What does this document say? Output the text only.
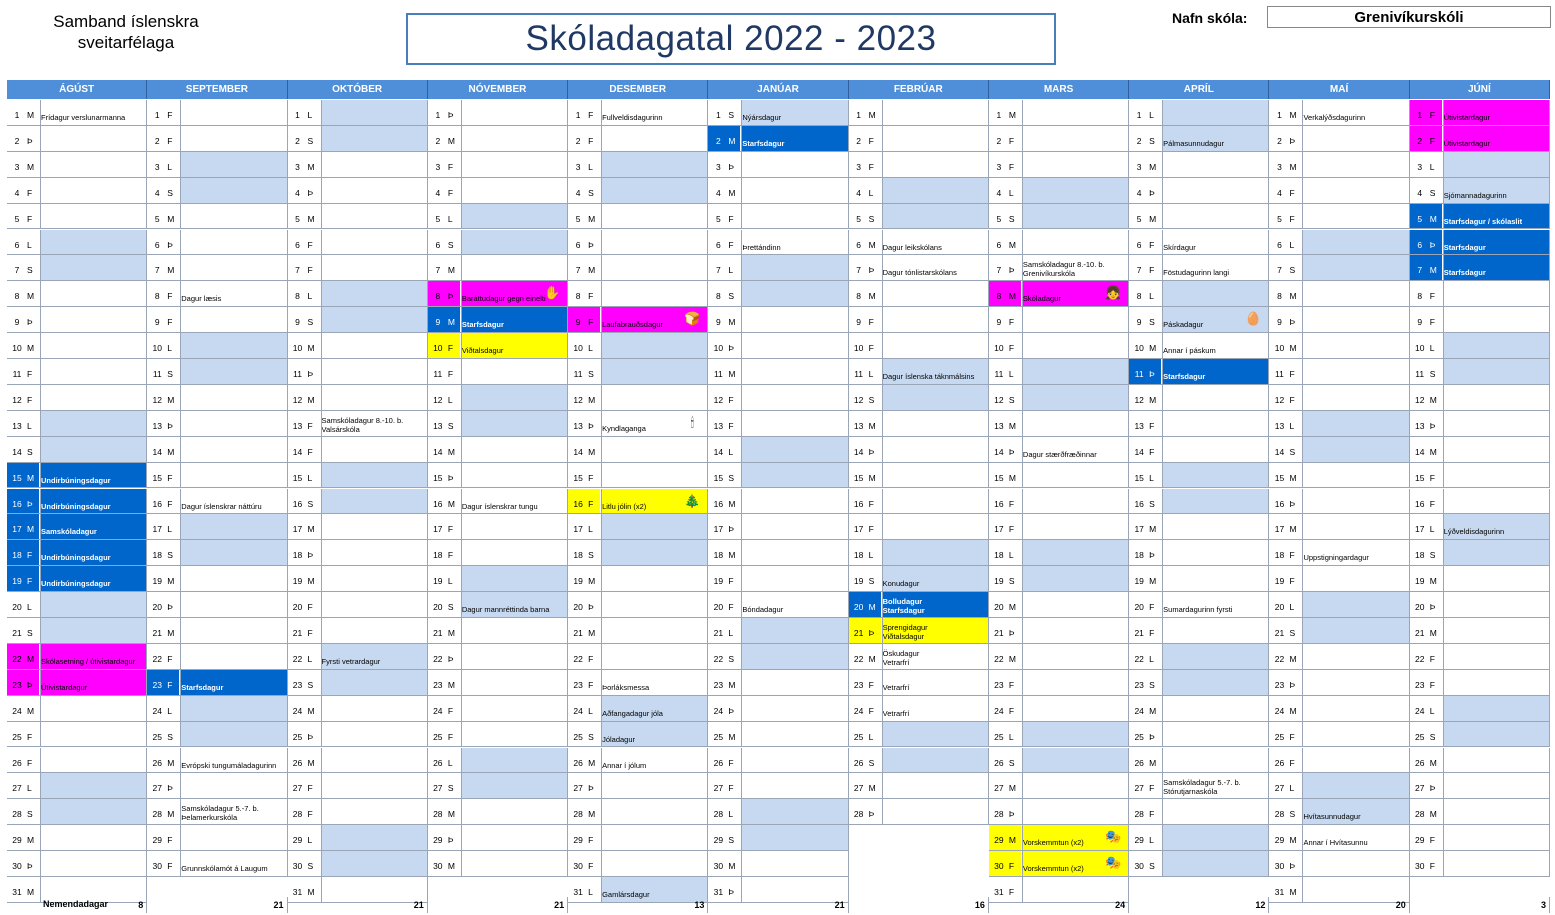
Samband íslenskra
sveitarfélaga	Skóladagatal 2022 - 2023
Nafn skóla:	Grenivíkurskóli
ÁGÚST
1 M Frídagur verslunarmanna
2 Þ
3 M
4 F
5 F
6 L
7 S
8 M
9 Þ
10 M
11 F
12 F
13 L
14 S
15 M Undirbúningsdagur
16 Þ	Undirbúningsdagur
17 M Samskóladagur
18 F	Undirbúningsdagur
19 F	Undirbúningsdagur
20 L
21 S
22 M Skólasetning / útivistardagur
23 Þ	Útivistardagur
24 M
25 F
26 F
27 L
28 S
29 M
30 Þ
31 M
Nemendadagar	8
SEPTEMBER
1 F
2 F
3 L
4 S
5 M
6 Þ
7 M
8 F	Dagur læsis
9 F
10 L
11 S
12 M
13 Þ
14 M
15 F
16 F	Dagur íslenskrar náttúru
17 L
18 S
19 M
20 Þ
21 M
22 F
23 F	Starfsdagur
24 L
25 S
26 M Evrópski tungumáladagurinn
27 Þ
28 M
Samskóladagur 5.-7. b.
Þelamerkurskóla
29 F
30 F	Grunnskólamót á Laugum
21
OKTÓBER
1 L
2 S
3 M
4 Þ
5 M
6 F
7 F
8 L
9 S
10 M
11 Þ
12 M
13 F
Samskóladagur 8.-10. b.
Valsárskóla
14 F
15 L
16 S
17 M
18 Þ
19 M
20 F
21 F
22 L	Fyrsti vetrardagur
23 S
24 M
25 Þ
26 M
27 F
28 F
29 L
30 S
31 M
21
NÓVEMBER
1 Þ
2 M
3 F
4 F
5 L
6 S
7 M
8 Þ	Baráttudagur gegn einelti
✋
9 M Starfsdagur
10 F	Viðtalsdagur
11 F
12 L
13 S
14 M
15 Þ
16 M Dagur íslenskrar tungu
17 F
18 F
19 L
20 S	Dagur mannréttinda barna
21 M
22 Þ
23 M
24 F
25 F
26 L
27 S
28 M
29 Þ
30 M
21
DESEMBER
1 F	Fullveldisdagurinn
2 F
3 L
4 S
5 M
6 Þ
7 M
8 F
9 F	Laufabrauðsdagur	🍞
10 L
11 S
12 M
13 Þ	Kyndlaganga	🕯
14 M
15 F
16 F	Litlu jólin (x2)	🎄
17 L
18 S
19 M
20 Þ
21 M
22 F
23 F	Þorláksmessa
24 L	Aðfangadagur jóla
25 S	Jóladagur
26 M Annar í jólum
27 Þ
28 M
29 F
30 F
31 L	Gamlársdagur
13
JANÚAR
1 S	Nýársdagur
2 M Starfsdagur
3 Þ
4 M
5 F
6 F	Þrettándinn
7 L
8 S
9 M
10 Þ
11 M
12 F
13 F
14 L
15 S
16 M
17 Þ
18 M
19 F
20 F	Bóndadagur
21 L
22 S
23 M
24 Þ
25 M
26 F
27 F
28 L
29 S
30 M
31 Þ
21
FEBRÚAR
1 M
2 F
3 F
4 L
5 S
6 M Dagur leikskólans
7 Þ	Dagur tónlistarskólans
8 M
9 F
10 F
11 L	Dagur íslenska táknmálsins
12 S
13 M
14 Þ
15 M
16 F
17 F
18 L
19 S	Konudagur
20 M
Bolludagur
Starfsdagur
21 Þ
Sprengidagur
Viðtalsdagur
22 M
Öskudagur
Vetrarfrí
23 F	Vetrarfrí
24 F	Vetrarfrí
25 L
26 S
27 M
28 Þ
16
MARS
1 M
2 F
3 F
4 L
5 S
6 M
7 Þ
Samskóladagur 8.-10. b.
Grenivíkurskóla
8 M Skóladagur	👧
9 F
10 F
11 L
12 S
13 M
14 Þ	Dagur stærðfræðinnar
15 M
16 F
17 F
18 L
19 S
20 M
21 Þ
22 M
23 F
24 F
25 L
26 S
27 M
28 Þ
29 M Vorskemmtun (x2)	🎭
30 F	Vorskemmtun (x2)	🎭
31 F
24
APRÍL
1 L
2 S	Pálmasunnudagur
3 M
4 Þ
5 M
6 F	Skírdagur
7 F	Föstudagurinn langi
8 L
9 S	Páskadagur	🥚
10 M Annar í páskum
11 Þ	Starfsdagur
12 M
13 F
14 F
15 L
16 S
17 M
18 Þ
19 M
20 F	Sumardagurinn fyrsti
21 F
22 L
23 S
24 M
25 Þ
26 M
27 F
Samskóladagur 5.-7. b.
Stórutjarnaskóla
28 F
29 L
30 S
12
MAÍ
1 M Verkalýðsdagurinn
2 Þ
3 M
4 F
5 F
6 L
7 S
8 M
9 Þ
10 M
11 F
12 F
13 L
14 S
15 M
16 Þ
17 M
18 F	Uppstigningardagur
19 F
20 L
21 S
22 M
23 Þ
24 M
25 F
26 F
27 L
28 S	Hvítasunnudagur
29 M Annar í Hvítasunnu
30 Þ
31 M
20
JÚNÍ
1 F	Útivistardagur
2 F	Útivistardagur
3 L
4 S	Sjómannadagurinn
5 M Starfsdagur / skólaslit
6 Þ	Starfsdagur
7 M Starfsdagur
8 F
9 F
10 L
11 S
12 M
13 Þ
14 M
15 F
16 F
17 L	Lýðveldisdagurinn
18 S
19 M
20 Þ
21 M
22 F
23 F
24 L
25 S
26 M
27 Þ
28 M
29 F
30 F
3
